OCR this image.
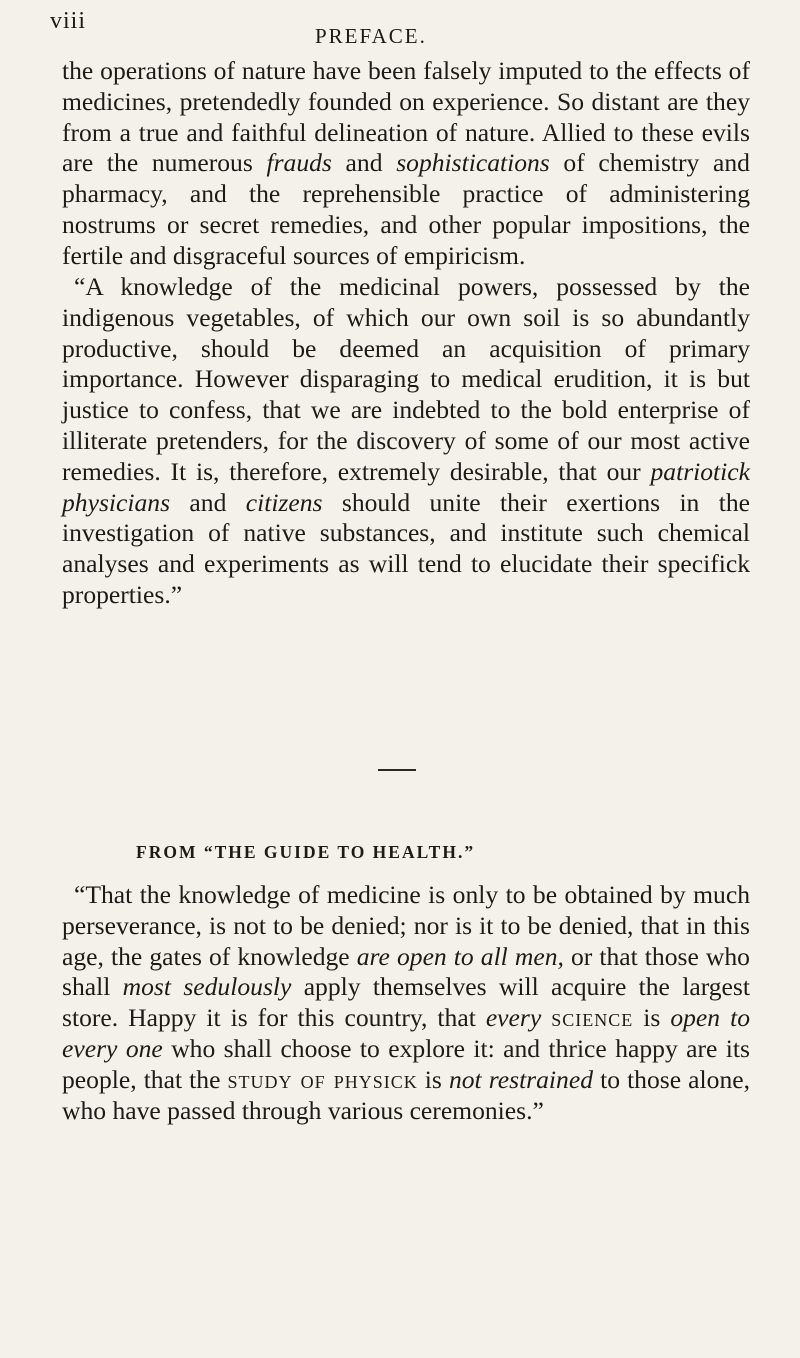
viii
PREFACE.

the operations of nature have been falsely imputed to the effects of medicines, pretendedly founded on experience. So distant are they from a true and faithful delineation of nature. Allied to these evils are the numerous frauds and sophistications of chemistry and pharmacy, and the reprehensible practice of administering nostrums or secret remedies, and other popular impositions, the fertile and disgraceful sources of empiricism.

“A knowledge of the medicinal powers, possessed by the indigenous vegetables, of which our own soil is so abundantly productive, should be deemed an acquisition of primary importance. However disparaging to medical erudition, it is but justice to confess, that we are indebted to the bold enterprise of illiterate pretenders, for the discovery of some of our most active remedies. It is, therefore, extremely desirable, that our patriotick physicians and citizens should unite their exertions in the investigation of native substances, and institute such chemical analyses and experiments as will tend to elucidate their specifick properties.”

FROM “THE GUIDE TO HEALTH.”

“That the knowledge of medicine is only to be obtained by much perseverance, is not to be denied; nor is it to be denied, that in this age, the gates of knowledge are open to all men, or that those who shall most sedulously apply themselves will acquire the largest store. Happy it is for this country, that every science is open to every one who shall choose to explore it: and thrice happy are its people, that the study of physick is not restrained to those alone, who have passed through various ceremonies.”
